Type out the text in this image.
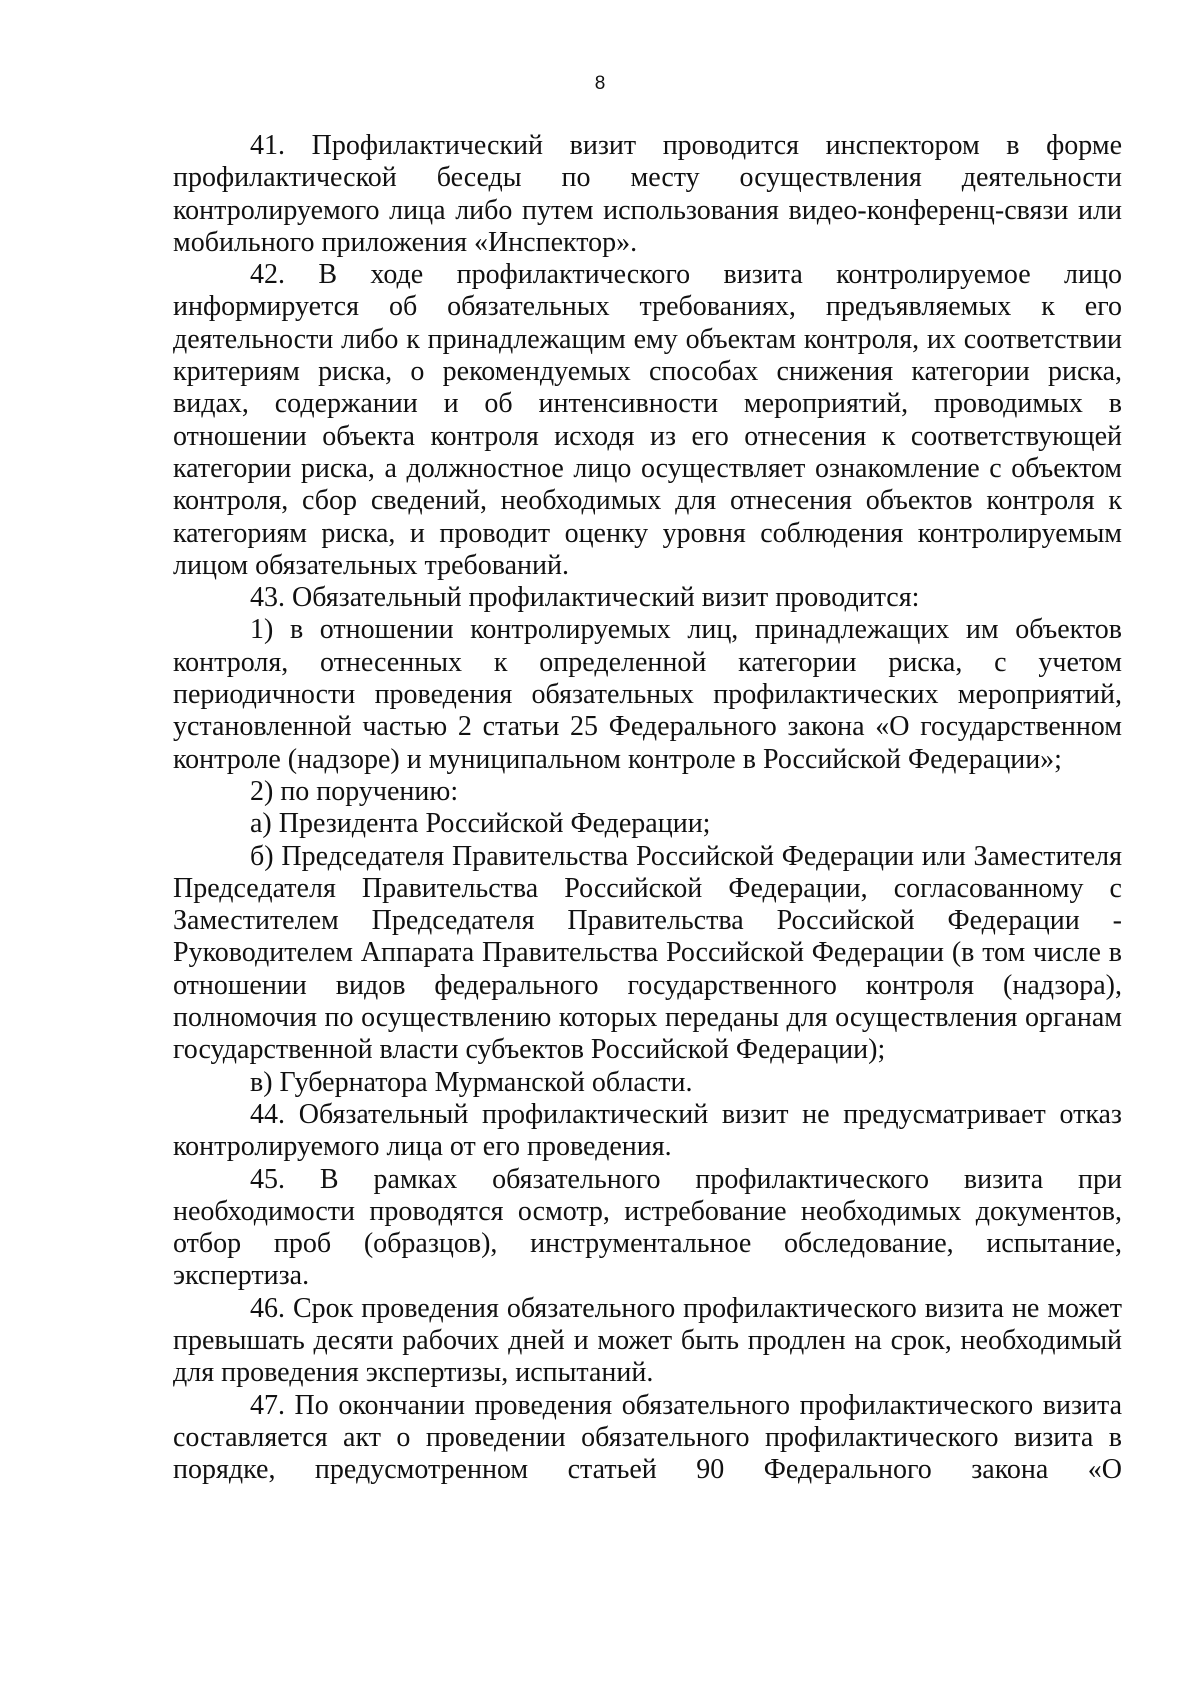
8

41. Профилактический визит проводится инспектором в форме профилактической беседы по месту осуществления деятельности контролируемого лица либо путем использования видео-конференц-связи или мобильного приложения «Инспектор».

42. В ходе профилактического визита контролируемое лицо информируется об обязательных требованиях, предъявляемых к его деятельности либо к принадлежащим ему объектам контроля, их соответствии критериям риска, о рекомендуемых способах снижения категории риска, видах, содержании и об интенсивности мероприятий, проводимых в отношении объекта контроля исходя из его отнесения к соответствующей категории риска, а должностное лицо осуществляет ознакомление с объектом контроля, сбор сведений, необходимых для отнесения объектов контроля к категориям риска, и проводит оценку уровня соблюдения контролируемым лицом обязательных требований.

43. Обязательный профилактический визит проводится:

1) в отношении контролируемых лиц, принадлежащих им объектов контроля, отнесенных к определенной категории риска, с учетом периодичности проведения обязательных профилактических мероприятий, установленной частью 2 статьи 25 Федерального закона «О государственном контроле (надзоре) и муниципальном контроле в Российской Федерации»;

2) по поручению:

а) Президента Российской Федерации;

б) Председателя Правительства Российской Федерации или Заместителя Председателя Правительства Российской Федерации, согласованному с Заместителем Председателя Правительства Российской Федерации - Руководителем Аппарата Правительства Российской Федерации (в том числе в отношении видов федерального государственного контроля (надзора), полномочия по осуществлению которых переданы для осуществления органам государственной власти субъектов Российской Федерации);

в) Губернатора Мурманской области.

44. Обязательный профилактический визит не предусматривает отказ контролируемого лица от его проведения.

45. В рамках обязательного профилактического визита при необходимости проводятся осмотр, истребование необходимых документов, отбор проб (образцов), инструментальное обследование, испытание, экспертиза.

46. Срок проведения обязательного профилактического визита не может превышать десяти рабочих дней и может быть продлен на срок, необходимый для проведения экспертизы, испытаний.

47. По окончании проведения обязательного профилактического визита составляется акт о проведении обязательного профилактического визита в порядке, предусмотренном статьей 90 Федерального закона «О
